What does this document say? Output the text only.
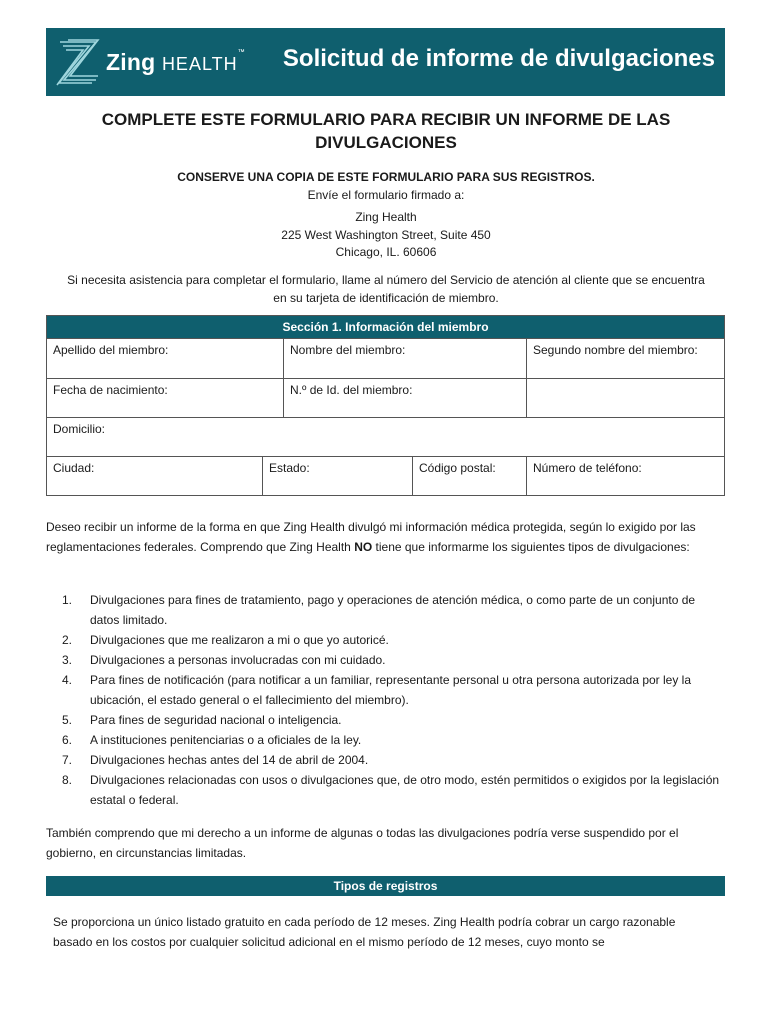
Zing HEALTH™ Solicitud de informe de divulgaciones
COMPLETE ESTE FORMULARIO PARA RECIBIR UN INFORME DE LAS DIVULGACIONES
CONSERVE UNA COPIA DE ESTE FORMULARIO PARA SUS REGISTROS.
Envíe el formulario firmado a:
Zing Health
225 West Washington Street, Suite 450
Chicago, IL. 60606
Si necesita asistencia para completar el formulario, llame al número del Servicio de atención al cliente que se encuentra en su tarjeta de identificación de miembro.
Sección 1. Información del miembro
Apellido del miembro:	Nombre del miembro:	Segundo nombre del miembro:
Fecha de nacimiento:	N.º de Id. del miembro:
Domicilio:
Ciudad:	Estado:	Código postal:	Número de teléfono:
Deseo recibir un informe de la forma en que Zing Health divulgó mi información médica protegida, según lo exigido por las reglamentaciones federales. Comprendo que Zing Health NO tiene que informarme los siguientes tipos de divulgaciones:
1.	Divulgaciones para fines de tratamiento, pago y operaciones de atención médica, o como parte de un conjunto de datos limitado.
2.	Divulgaciones que me realizaron a mi o que yo autoricé.
3.	Divulgaciones a personas involucradas con mi cuidado.
4.	Para fines de notificación (para notificar a un familiar, representante personal u otra persona autorizada por ley la ubicación, el estado general o el fallecimiento del miembro).
5.	Para fines de seguridad nacional o inteligencia.
6.	A instituciones penitenciarias o a oficiales de la ley.
7.	Divulgaciones hechas antes del 14 de abril de 2004.
8.	Divulgaciones relacionadas con usos o divulgaciones que, de otro modo, estén permitidos o exigidos por la legislación estatal o federal.
También comprendo que mi derecho a un informe de algunas o todas las divulgaciones podría verse suspendido por el gobierno, en circunstancias limitadas.
Tipos de registros
Se proporciona un único listado gratuito en cada período de 12 meses. Zing Health podría cobrar un cargo razonable basado en los costos por cualquier solicitud adicional en el mismo período de 12 meses, cuyo monto se
